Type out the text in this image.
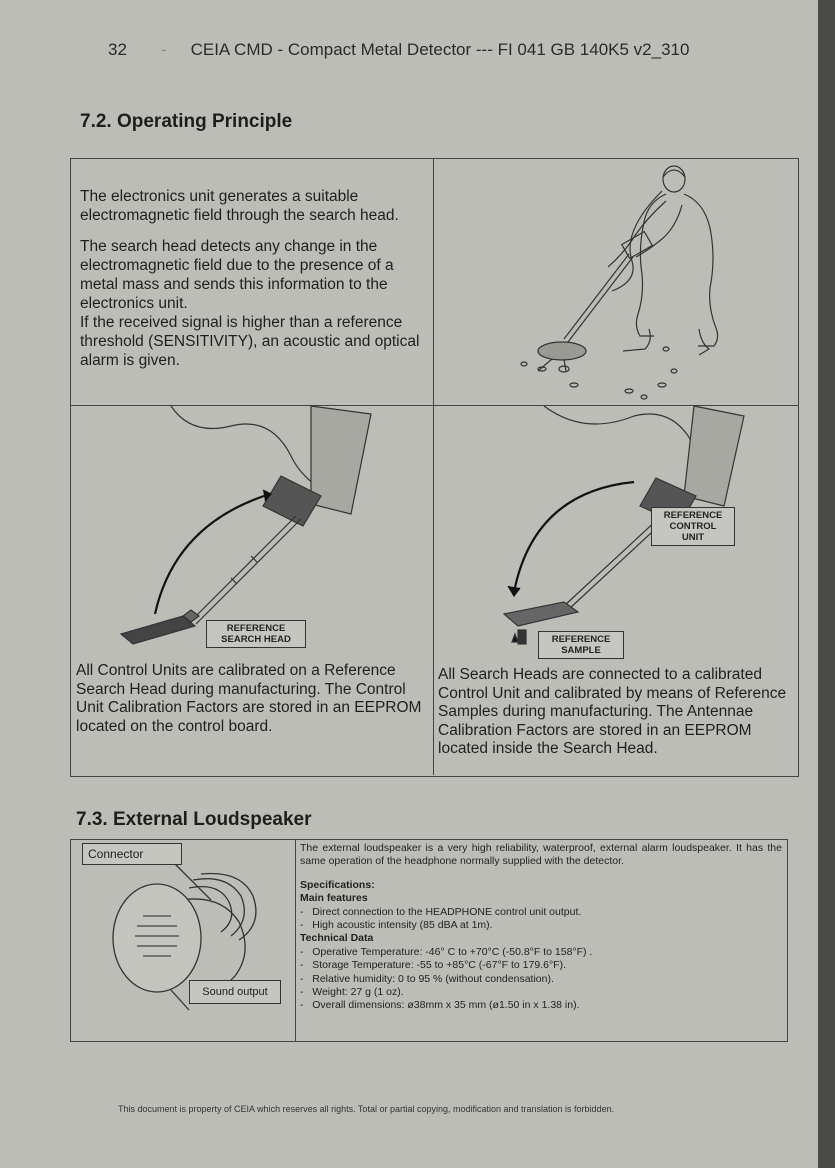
32 - CEIA CMD - Compact Metal Detector --- FI 041 GB 140K5 v2_310
7.2. Operating Principle

The electronics unit generates a suitable electromagnetic field through the search head.

The search head detects any change in the electromagnetic field due to the presence of a metal mass and sends this information to the electronics unit.

If the received signal is higher than a reference threshold (SENSITIVITY), an acoustic and optical alarm is given.

REFERENCE
SEARCH HEAD
REFERENCE
CONTROL
UNIT
REFERENCE
SAMPLE
All Control Units are calibrated on a Reference Search Head during manufacturing. The Control Unit Calibration Factors are stored in an EEPROM located on the control board.
All Search Heads are connected to a calibrated Control Unit and calibrated by means of Reference Samples during manufacturing. The Antennae Calibration Factors are stored in an EEPROM located inside the Search Head.
7.3. External Loudspeaker
Connector
Sound output
The external loudspeaker is a very high reliability, waterproof, external alarm loudspeaker. It has the same operation of the headphone normally supplied with the detector.
Specifications:
Main features
-   Direct connection to the HEADPHONE control unit output.
-   High acoustic intensity (85 dBA at 1m).
Technical Data
-   Operative Temperature: -46° C to +70°C (-50.8°F to 158°F) .
-   Storage Temperature: -55 to +85°C (-67°F to 179.6°F).
-   Relative humidity: 0 to 95 % (without condensation).
-   Weight: 27 g (1 oz).
-   Overall dimensions: ø38mm x 35 mm (ø1.50 in x 1.38 in).
This document is property of CEIA which reserves all rights. Total or partial copying, modification and translation is forbidden.
